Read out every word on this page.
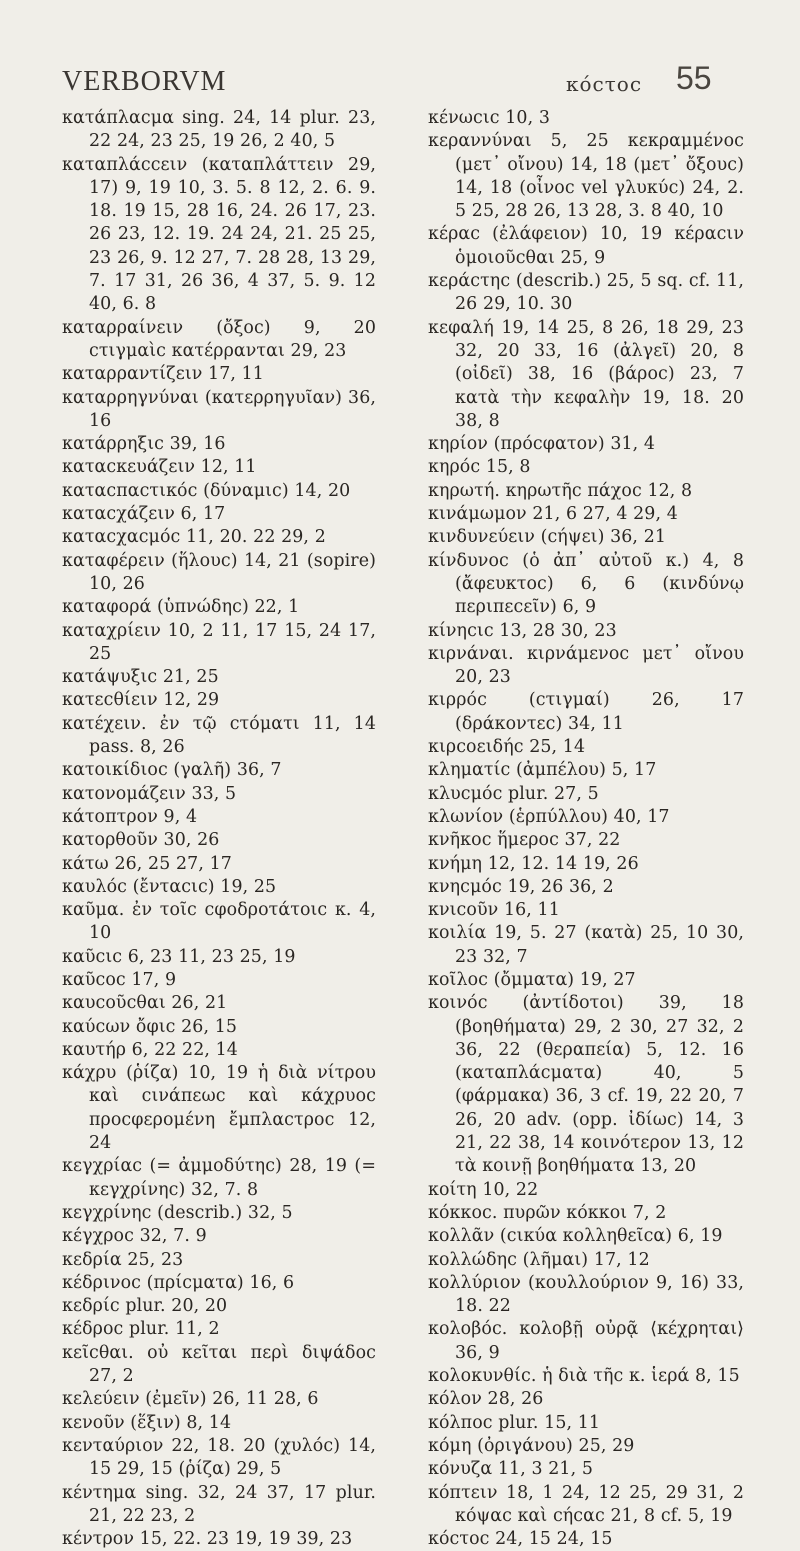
VERBORVM	κόcτοc 55

κατάπλαcμα sing. 24, 14 plur. 23, 22 24, 23 25, 19 26, 2 40, 5

καταπλάccειν (καταπλάττειν 29, 17) 9, 19 10, 3. 5. 8 12, 2. 6. 9. 18. 19 15, 28 16, 24. 26 17, 23. 26 23, 12. 19. 24 24, 21. 25 25, 23 26, 9. 12 27, 7. 28 28, 13 29, 7. 17 31, 26 36, 4 37, 5. 9. 12 40, 6. 8

καταρραίνειν (ὄξοc) 9, 20 cτιγμαὶc κατέρρανται 29, 23

καταρραντίζειν 17, 11

καταρρηγνύναι (κατερρηγυῖαν) 36, 16

κατάρρηξιc 39, 16

καταcκευάζειν 12, 11

καταcπαcτικόc (δύναμιc) 14, 20

καταcχάζειν 6, 17

καταcχαcμόc 11, 20. 22 29, 2

καταφέρειν (ἥλουc) 14, 21 (sopire) 10, 26

καταφορά (ὑπνώδηc) 22, 1

καταχρίειν 10, 2 11, 17 15, 24 17, 25

κατάψυξιc 21, 25

κατεcθίειν 12, 29

κατέχειν. ἐν τῷ cτόματι 11, 14 pass. 8, 26

κατοικίδιοc (γαλῆ) 36, 7

κατονομάζειν 33, 5

κάτοπτρον 9, 4

κατορθοῦν 30, 26

κάτω 26, 25 27, 17

καυλόc (ἔνταcιc) 19, 25

καῦμα. ἐν τοῖc cφοδροτάτοιc κ. 4, 10

καῦcιc 6, 23 11, 23 25, 19

καῦcoc 17, 9

καυcοῦcθαι 26, 21

καύcων ὄφιc 26, 15

καυτήρ 6, 22 22, 14

κάχρυ (ῥίζα) 10, 19 ἡ διὰ νίτρου καὶ cινάπεωc καὶ κάχρυοc προcφερομένη ἔμπλαcτροc 12, 24

κεγχρίαc (= ἀμμοδύτηc) 28, 19 (= κεγχρίνηc) 32, 7. 8

κεγχρίνηc (describ.) 32, 5

κέγχροc 32, 7. 9

κεδρία 25, 23

κέδρινοc (πρίcματα) 16, 6

κεδρίc plur. 20, 20

κέδροc plur. 11, 2

κεῖcθαι. οὐ κεῖται περὶ διψάδοc 27, 2

κελεύειν (ἐμεῖν) 26, 11 28, 6

κενοῦν (ἕξιν) 8, 14

κενταύριον 22, 18. 20 (χυλόc) 14, 15 29, 15 (ῥίζα) 29, 5

κέντημα sing. 32, 24 37, 17 plur. 21, 22 23, 2

κέντρον 15, 22. 23 19, 19 39, 23

κένωcιc 10, 3

κεραννύναι 5, 25 κεκραμμένοc (μετ᾽ οἴνου) 14, 18 (μετ᾽ ὄξουc) 14, 18 (οἶνοc vel γλυκύc) 24, 2. 5 25, 28 26, 13 28, 3. 8 40, 10

κέραc (ἐλάφειον) 10, 19 κέραcιν ὁμοιοῦcθαι 25, 9

κεράcτηc (describ.) 25, 5 sq. cf. 11, 26 29, 10. 30

κεφαλή 19, 14 25, 8 26, 18 29, 23 32, 20 33, 16 (ἀλγεῖ) 20, 8 (οἰδεῖ) 38, 16 (βάροc) 23, 7 κατὰ τὴν κεφαλὴν 19, 18. 20 38, 8

κηρίον (πρόcφατον) 31, 4

κηρόc 15, 8

κηρωτή. κηρωτῆc πάχοc 12, 8

κινάμωμον 21, 6 27, 4 29, 4

κινδυνεύειν (cήψει) 36, 21

κίνδυνοc (ὁ ἀπ᾽ αὐτοῦ κ.) 4, 8 (ἄφευκτοc) 6, 6 (κινδύνῳ περιπεcεῖν) 6, 9

κίνηcιc 13, 28 30, 23

κιρνάναι. κιρνάμενοc μετ᾽ οἴνου 20, 23

κιρρόc (cτιγμαί) 26, 17 (δράκοντεc) 34, 11

κιρcοειδήc 25, 14

κληματίc (ἀμπέλου) 5, 17

κλυcμόc plur. 27, 5

κλωνίον (ἑρπύλλου) 40, 17

κνῆκοc ἥμεροc 37, 22

κνήμη 12, 12. 14 19, 26

κνηcμόc 19, 26 36, 2

κνιcοῦν 16, 11

κοιλία 19, 5. 27 (κατὰ) 25, 10 30, 23 32, 7

κοῖλοc (ὄμματα) 19, 27

κοινόc (ἀντίδοτοι) 39, 18 (βοηθήματα) 29, 2 30, 27 32, 2 36, 22 (θεραπεία) 5, 12. 16 (καταπλάcματα) 40, 5 (φάρμακα) 36, 3 cf. 19, 22 20, 7 26, 20 adv. (opp. ἰδίωc) 14, 3 21, 22 38, 14 κοινότερον 13, 12 τὰ κοινῇ βοηθήματα 13, 20

κοίτη 10, 22

κόκκοc. πυρῶν κόκκοι 7, 2

κολλᾶν (cικύα κολληθεῖcα) 6, 19

κολλώδηc (λῆμαι) 17, 12

κολλύριον (κουλλούριον 9, 16) 33, 18. 22

κολοβόc. κολοβῇ οὐρᾷ ⟨κέχρηται⟩ 36, 9

κολοκυνθίc. ἡ διὰ τῆc κ. ἱερά 8, 15

κόλον 28, 26

κόλποc plur. 15, 11

κόμη (ὀριγάνου) 25, 29

κόνυζα 11, 3 21, 5

κόπτειν 18, 1 24, 12 25, 29 31, 2 κόψαc καὶ cήcαc 21, 8 cf. 5, 19

κόcτοc 24, 15 24, 15
